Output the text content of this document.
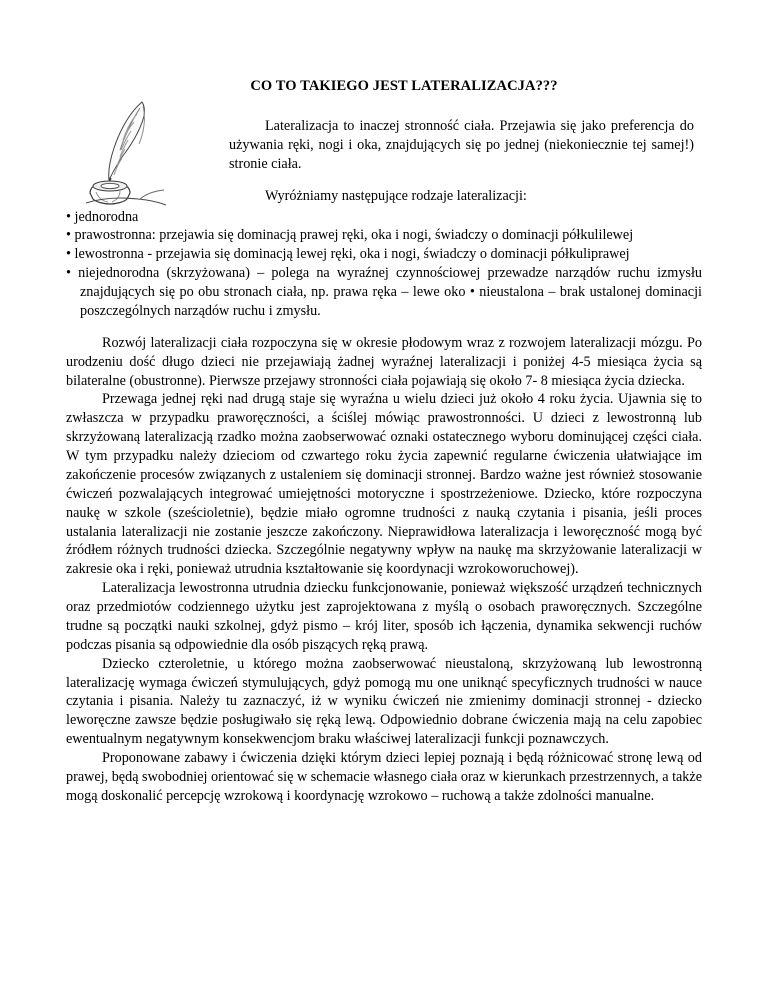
CO TO TAKIEGO JEST LATERALIZACJA???

Lateralizacja to inaczej stronność ciała. Przejawia się jako preferencja do używania ręki, nogi i oka, znajdujących się po jednej (niekoniecznie tej samej!) stronie ciała.

Wyróżniamy następujące rodzaje lateralizacji:

• jednorodna

• prawostronna: przejawia się dominacją prawej ręki, oka i nogi, świadczy o dominacji półkulilewej

• lewostronna - przejawia się dominacją lewej ręki, oka i nogi, świadczy o dominacji półkuliprawej

• niejednorodna (skrzyżowana) – polega na wyraźnej czynnościowej przewadze narządów ruchu izmysłu znajdujących się po obu stronach ciała, np. prawa ręka – lewe oko • nieustalona – brak ustalonej dominacji poszczególnych narządów ruchu i zmysłu.

Rozwój lateralizacji ciała rozpoczyna się w okresie płodowym wraz z rozwojem lateralizacji mózgu. Po urodzeniu dość długo dzieci nie przejawiają żadnej wyraźnej lateralizacji i poniżej 4-5 miesiąca życia są bilateralne (obustronne). Pierwsze przejawy stronności ciała pojawiają się około 7- 8 miesiąca życia dziecka.

Przewaga jednej ręki nad drugą staje się wyraźna u wielu dzieci już około 4 roku życia. Ujawnia się to zwłaszcza w przypadku praworęczności, a ściślej mówiąc prawostronności. U dzieci z lewostronną lub skrzyżowaną lateralizacją rzadko można zaobserwować oznaki ostatecznego wyboru dominującej części ciała. W tym przypadku należy dzieciom od czwartego roku życia zapewnić regularne ćwiczenia ułatwiające im zakończenie procesów związanych z ustaleniem się dominacji stronnej. Bardzo ważne jest również stosowanie ćwiczeń pozwalających integrować umiejętności motoryczne i spostrzeżeniowe. Dziecko, które rozpoczyna naukę w szkole (sześcioletnie), będzie miało ogromne trudności z nauką czytania i pisania, jeśli proces ustalania lateralizacji nie zostanie jeszcze zakończony. Nieprawidłowa lateralizacja i leworęczność mogą być źródłem różnych trudności dziecka. Szczególnie negatywny wpływ na naukę ma skrzyżowanie lateralizacji w zakresie oka i ręki, ponieważ utrudnia kształtowanie się koordynacji wzrokoworuchowej).

Lateralizacja lewostronna utrudnia dziecku funkcjonowanie, ponieważ większość urządzeń technicznych oraz przedmiotów codziennego użytku jest zaprojektowana z myślą o osobach praworęcznych. Szczególne trudne są początki nauki szkolnej, gdyż pismo – krój liter, sposób ich łączenia, dynamika sekwencji ruchów podczas pisania są odpowiednie dla osób piszących ręką prawą.

Dziecko czteroletnie, u którego można zaobserwować nieustaloną, skrzyżowaną lub lewostronną lateralizację wymaga ćwiczeń stymulujących, gdyż pomogą mu one uniknąć specyficznych trudności w nauce czytania i pisania. Należy tu zaznaczyć, iż w wyniku ćwiczeń nie zmienimy dominacji stronnej - dziecko leworęczne zawsze będzie posługiwało się ręką lewą. Odpowiednio dobrane ćwiczenia mają na celu zapobiec ewentualnym negatywnym konsekwencjom braku właściwej lateralizacji funkcji poznawczych.

Proponowane zabawy i ćwiczenia dzięki którym dzieci lepiej poznają i będą różnicować stronę lewą od prawej, będą swobodniej orientować się w schemacie własnego ciała oraz w kierunkach przestrzennych, a także mogą doskonalić percepcję wzrokową i koordynację wzrokowo – ruchową a także zdolności manualne.
